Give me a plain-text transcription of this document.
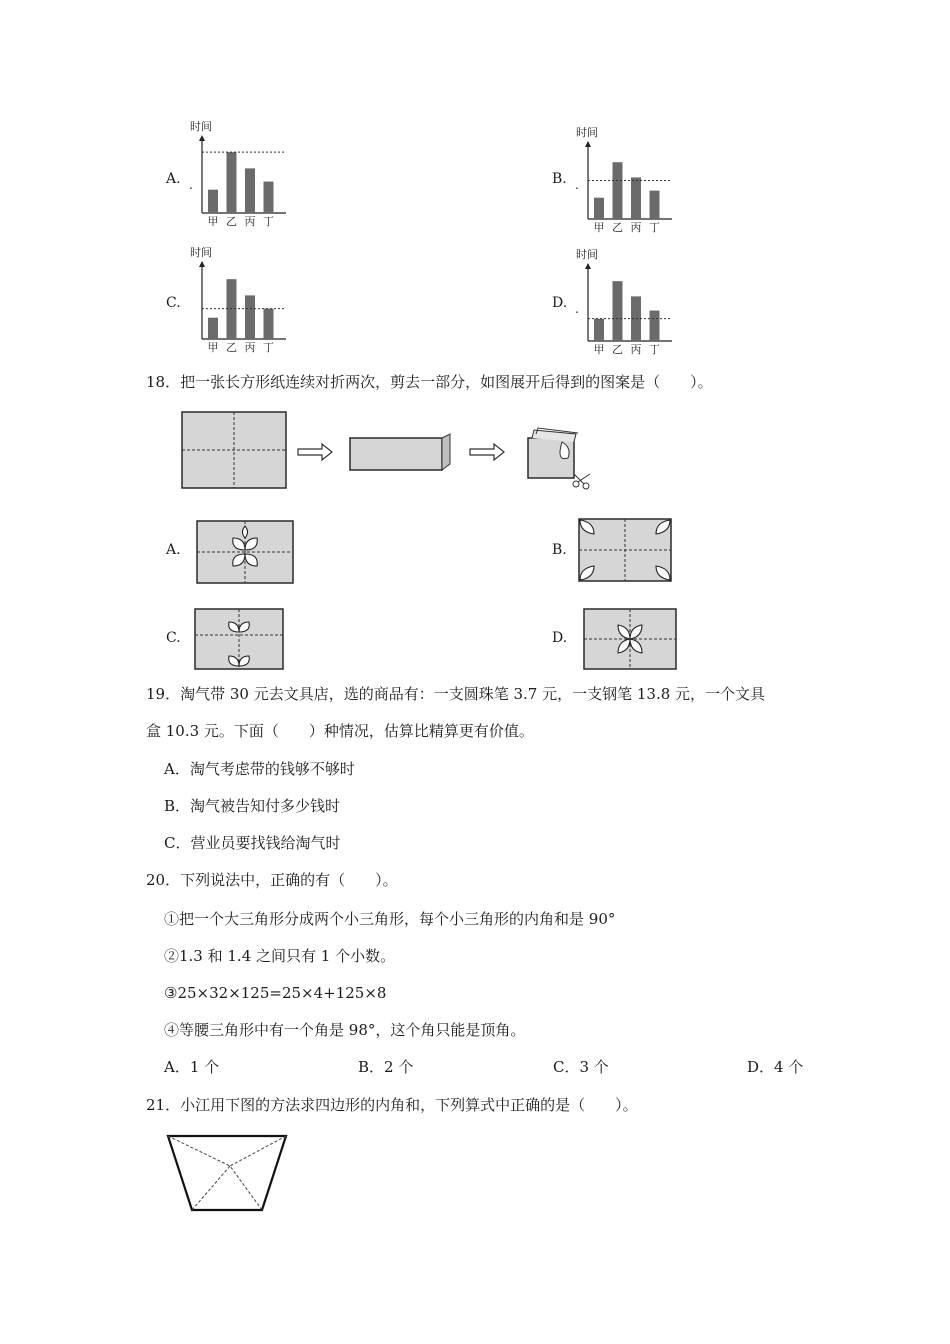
A.	B.
C.	D.
.	.
.
时间
甲 乙 丙 丁
时间
甲 乙 丙 丁
时间
甲 乙 丙 丁
时间
甲 乙 丙 丁
18．把一张长方形纸连续对折两次，剪去一部分，如图展开后得到的图案是（　　）。
A.	B.
C.	D.
19．淘气带 30 元去文具店，选的商品有：一支圆珠笔 3.7 元，一支钢笔 13.8 元，一个文具
盒 10.3 元。下面（　　）种情况，估算比精算更有价值。
A．淘气考虑带的钱够不够时
B．淘气被告知付多少钱时
C．营业员要找钱给淘气时
20．下列说法中，正确的有（　　）。
①把一个大三角形分成两个小三角形，每个小三角形的内角和是 90°
②1.3 和 1.4 之间只有 1 个小数。
③25×32×125=25×4+125×8
④等腰三角形中有一个角是 98°，这个角只能是顶角。
A．1 个	B．2 个	C．3 个	D．4 个
21．小江用下图的方法求四边形的内角和，下列算式中正确的是（　　）。
